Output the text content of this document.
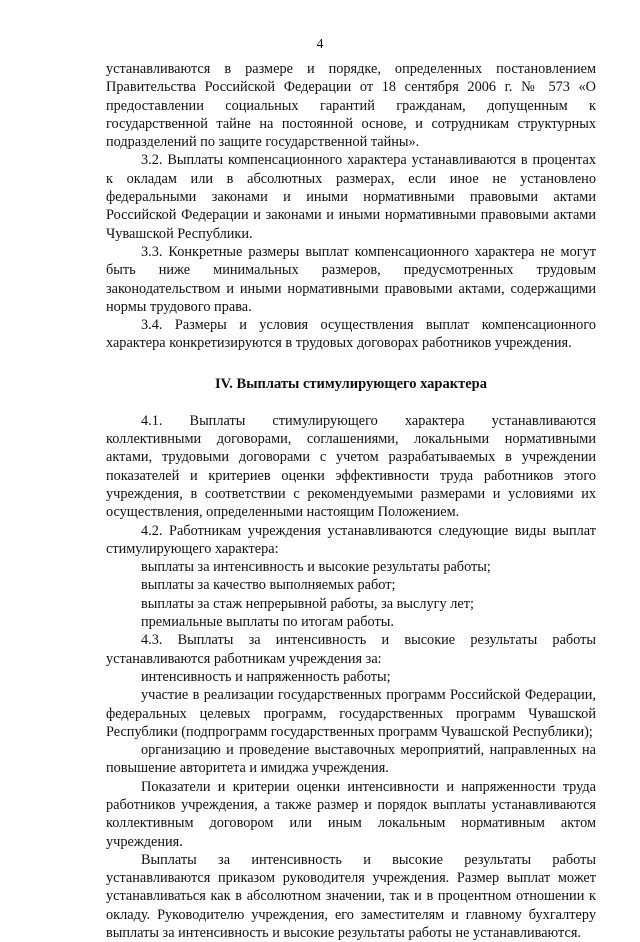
4

устанавливаются в размере и порядке, определенных постановлением Правительства Российской Федерации от 18 сентября 2006 г. № 573 «О предоставлении социальных гарантий гражданам, допущенным к государственной тайне на постоянной основе, и сотрудникам структурных подразделений по защите государственной тайны».

3.2. Выплаты компенсационного характера устанавливаются в процентах к окладам или в абсолютных размерах, если иное не установлено федеральными законами и иными нормативными правовыми актами Российской Федерации и законами и иными нормативными правовыми актами Чувашской Республики.

3.3. Конкретные размеры выплат компенсационного характера не могут быть ниже минимальных размеров, предусмотренных трудовым законодательством и иными нормативными правовыми актами, содержащими нормы трудового права.

3.4. Размеры и условия осуществления выплат компенсационного характера конкретизируются в трудовых договорах работников учреждения.

IV. Выплаты стимулирующего характера

4.1. Выплаты стимулирующего характера устанавливаются коллективными договорами, соглашениями, локальными нормативными актами, трудовыми договорами с учетом разрабатываемых в учреждении показателей и критериев оценки эффективности труда работников этого учреждения, в соответствии с рекомендуемыми размерами и условиями их осуществления, определенными настоящим Положением.

4.2. Работникам учреждения устанавливаются следующие виды выплат стимулирующего характера:

выплаты за интенсивность и высокие результаты работы;

выплаты за качество выполняемых работ;

выплаты за стаж непрерывной работы, за выслугу лет;

премиальные выплаты по итогам работы.

4.3. Выплаты за интенсивность и высокие результаты работы устанавливаются работникам учреждения за:

интенсивность и напряженность работы;

участие в реализации государственных программ Российской Федерации, федеральных целевых программ, государственных программ Чувашской Республики (подпрограмм государственных программ Чувашской Республики);

организацию и проведение выставочных мероприятий, направленных на повышение авторитета и имиджа учреждения.

Показатели и критерии оценки интенсивности и напряженности труда работников учреждения, а также размер и порядок выплаты устанавливаются коллективным договором или иным локальным нормативным актом учреждения.

Выплаты за интенсивность и высокие результаты работы устанавливаются приказом руководителя учреждения. Размер выплат может устанавливаться как в абсолютном значении, так и в процентном отношении к окладу. Руководителю учреждения, его заместителям и главному бухгалтеру выплаты за интенсивность и высокие результаты работы не устанавливаются.
